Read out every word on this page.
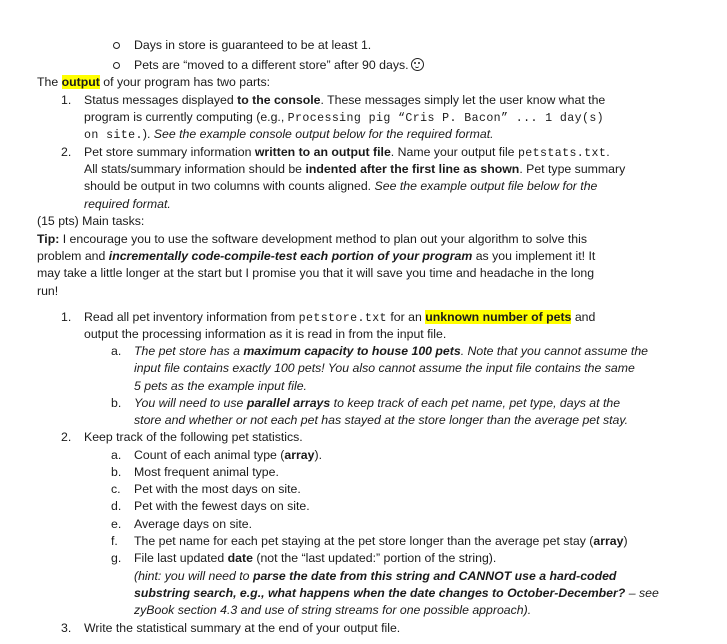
Days in store is guaranteed to be at least 1.
Pets are “moved to a different store” after 90 days.
The output of your program has two parts:
1. Status messages displayed to the console. These messages simply let the user know what the
program is currently computing (e.g., Processing pig “Cris P. Bacon” ... 1 day(s)
on site.). See the example console output below for the required format.
2. Pet store summary information written to an output file. Name your output file petstats.txt.
All stats/summary information should be indented after the first line as shown. Pet type summary
should be output in two columns with counts aligned. See the example output file below for the
required format.
(15 pts) Main tasks:
Tip: I encourage you to use the software development method to plan out your algorithm to solve this
problem and incrementally code-compile-test each portion of your program as you implement it! It
may take a little longer at the start but I promise you that it will save you time and headache in the long
run!
1. Read all pet inventory information from petstore.txt for an unknown number of pets and
output the processing information as it is read in from the input file.
a. The pet store has a maximum capacity to house 100 pets. Note that you cannot assume the
input file contains exactly 100 pets! You also cannot assume the input file contains the same
5 pets as the example input file.
b. You will need to use parallel arrays to keep track of each pet name, pet type, days at the
store and whether or not each pet has stayed at the store longer than the average pet stay.
2. Keep track of the following pet statistics.
a. Count of each animal type (array).
b. Most frequent animal type.
c. Pet with the most days on site.
d. Pet with the fewest days on site.
e. Average days on site.
f. The pet name for each pet staying at the pet store longer than the average pet stay (array)
g. File last updated date (not the “last updated:” portion of the string).
(hint: you will need to parse the date from this string and CANNOT use a hard-coded
substring search, e.g., what happens when the date changes to October-December? – see
zyBook section 4.3 and use of string streams for one possible approach).
3. Write the statistical summary at the end of your output file.
